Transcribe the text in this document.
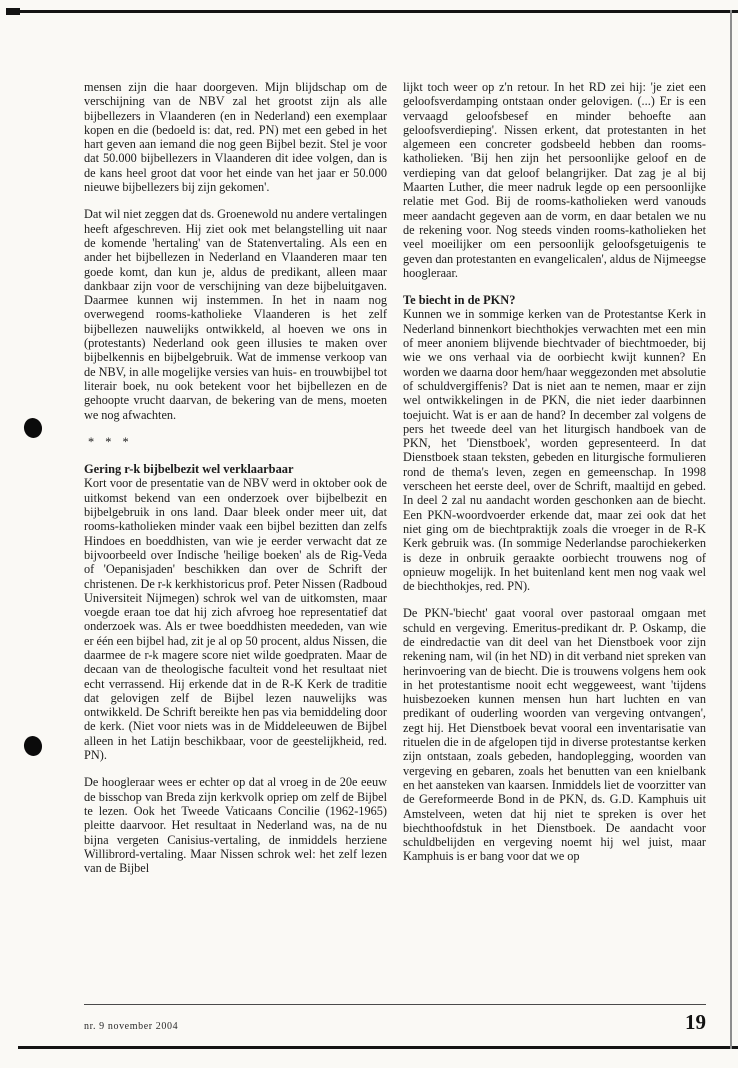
mensen zijn die haar doorgeven. Mijn blijdschap om de verschijning van de NBV zal het grootst zijn als alle bijbellezers in Vlaanderen (en in Nederland) een exemplaar kopen en die (bedoeld is: dat, red. PN) met een gebed in het hart geven aan iemand die nog geen Bijbel bezit. Stel je voor dat 50.000 bijbellezers in Vlaanderen dit idee volgen, dan is de kans heel groot dat voor het einde van het jaar er 50.000 nieuwe bijbellezers bij zijn gekomen'.

Dat wil niet zeggen dat ds. Groenewold nu andere vertalingen heeft afgeschreven. Hij ziet ook met belangstelling uit naar de komende 'hertaling' van de Statenvertaling. Als een en ander het bijbellezen in Nederland en Vlaanderen maar ten goede komt, dan kun je, aldus de predikant, alleen maar dankbaar zijn voor de verschijning van deze bijbeluitgaven. Daarmee kunnen wij instemmen. In het in naam nog overwegend rooms-katholieke Vlaanderen is het zelf bijbellezen nauwelijks ontwikkeld, al hoeven we ons in (protestants) Nederland ook geen illusies te maken over bijbelkennis en bijbelgebruik. Wat de immense verkoop van de NBV, in alle mogelijke versies van huis- en trouwbijbel tot literair boek, nu ook betekent voor het bijbellezen en de gehoopte vrucht daarvan, de bekering van de mens, moeten we nog afwachten.

* * *
Gering r-k bijbelbezit wel verklaarbaar

Kort voor de presentatie van de NBV werd in oktober ook de uitkomst bekend van een onderzoek over bijbelbezit en bijbelgebruik in ons land. Daar bleek onder meer uit, dat rooms-katholieken minder vaak een bijbel bezitten dan zelfs Hindoes en boeddhisten, van wie je eerder verwacht dat ze bijvoorbeeld over Indische 'heilige boeken' als de Rig-Veda of 'Oepanisjaden' beschikken dan over de Schrift der christenen. De r-k kerkhistoricus prof. Peter Nissen (Radboud Universiteit Nijmegen) schrok wel van de uitkomsten, maar voegde eraan toe dat hij zich afvroeg hoe representatief dat onderzoek was. Als er twee boeddhisten meededen, van wie er één een bijbel had, zit je al op 50 procent, aldus Nissen, die daarmee de r-k magere score niet wilde goedpraten. Maar de decaan van de theologische faculteit vond het resultaat niet echt verrassend. Hij erkende dat in de R-K Kerk de traditie dat gelovigen zelf de Bijbel lezen nauwelijks was ontwikkeld. De Schrift bereikte hen pas via bemiddeling door de kerk. (Niet voor niets was in de Middeleeuwen de Bijbel alleen in het Latijn beschikbaar, voor de geestelijkheid, red. PN).

De hoogleraar wees er echter op dat al vroeg in de 20e eeuw de bisschop van Breda zijn kerkvolk opriep om zelf de Bijbel te lezen. Ook het Tweede Vaticaans Concilie (1962-1965) pleitte daarvoor. Het resultaat in Nederland was, na de nu bijna vergeten Canisius-vertaling, de inmiddels herziene Willibrord-vertaling. Maar Nissen schrok wel: het zelf lezen van de Bijbel

lijkt toch weer op z'n retour. In het RD zei hij: 'je ziet een geloofsverdamping ontstaan onder gelovigen. (...) Er is een vervaagd geloofsbesef en minder behoefte aan geloofsverdieping'. Nissen erkent, dat protestanten in het algemeen een concreter godsbeeld hebben dan rooms-katholieken. 'Bij hen zijn het persoonlijke geloof en de verdieping van dat geloof belangrijker. Dat zag je al bij Maarten Luther, die meer nadruk legde op een persoonlijke relatie met God. Bij de rooms-katholieken werd vanouds meer aandacht gegeven aan de vorm, en daar betalen we nu de rekening voor. Nog steeds vinden rooms-katholieken het veel moeilijker om een persoonlijk geloofsgetuigenis te geven dan protestanten en evangelicalen', aldus de Nijmeegse hoogleraar.

Te biecht in de PKN?

Kunnen we in sommige kerken van de Protestantse Kerk in Nederland binnenkort biechthokjes verwachten met een min of meer anoniem blijvende biechtvader of biechtmoeder, bij wie we ons verhaal via de oorbiecht kwijt kunnen? En worden we daarna door hem/haar weggezonden met absolutie of schuldvergiffenis? Dat is niet aan te nemen, maar er zijn wel ontwikkelingen in de PKN, die niet ieder daarbinnen toejuicht. Wat is er aan de hand? In december zal volgens de pers het tweede deel van het liturgisch handboek van de PKN, het 'Dienstboek', worden gepresenteerd. In dat Dienstboek staan teksten, gebeden en liturgische formulieren rond de thema's leven, zegen en gemeenschap. In 1998 verscheen het eerste deel, over de Schrift, maaltijd en gebed. In deel 2 zal nu aandacht worden geschonken aan de biecht. Een PKN-woordvoerder erkende dat, maar zei ook dat het niet ging om de biechtpraktijk zoals die vroeger in de R-K Kerk gebruik was. (In sommige Nederlandse parochiekerken is deze in onbruik geraakte oorbiecht trouwens nog of opnieuw mogelijk. In het buitenland kent men nog vaak wel de biechthokjes, red. PN).

De PKN-'biecht' gaat vooral over pastoraal omgaan met schuld en vergeving. Emeritus-predikant dr. P. Oskamp, die de eindredactie van dit deel van het Dienstboek voor zijn rekening nam, wil (in het ND) in dit verband niet spreken van herinvoering van de biecht. Die is trouwens volgens hem ook in het protestantisme nooit echt weggeweest, want 'tijdens huisbezoeken kunnen mensen hun hart luchten en van predikant of ouderling woorden van vergeving ontvangen', zegt hij. Het Dienstboek bevat vooral een inventarisatie van rituelen die in de afgelopen tijd in diverse protestantse kerken zijn ontstaan, zoals gebeden, handoplegging, woorden van vergeving en gebaren, zoals het benutten van een knielbank en het aansteken van kaarsen. Inmiddels liet de voorzitter van de Gereformeerde Bond in de PKN, ds. G.D. Kamphuis uit Amstelveen, weten dat hij niet te spreken is over het biechthoofdstuk in het Dienstboek. De aandacht voor schuldbelijden en vergeving noemt hij wel juist, maar Kamphuis is er bang voor dat we op

nr. 9 november 2004	19
